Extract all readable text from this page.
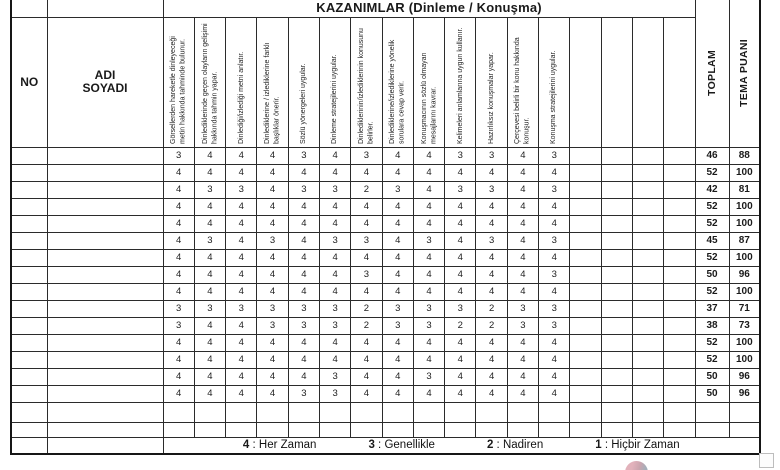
		KAZANIMLAR (Dinleme / Konuşma)																	TOPLAM	TEMA PUANI

NO	ADI
SOYADI	Görsellerden hareketle dinleyeceği metin hakkında tahminde bulunur.	Dinlediklerinde geçen olayların gelişimi hakkında tahmin yapar.	Dinlediği/izlediği metni anlatır.	Dinlediklerine / izlediklerine farklı başlıklar önerir.	Sözlü yönergeleri uygular.	Dinleme stratejilerini uygular.	Dinlediklerinin/izlediklerinin konusunu belirler.	Dinlediklerine/izlediklerine yönelik sorulara cevap verir.	Konuşmacının sözlü olmayan mesajlarını kavrar.	Kelimeleri anlamlarına uygun kullanır.	Hazırlıksız konuşmalar yapar.	Çerçevesi belirli bir konu hakkında konuşur.	Konuşma stratejilerini uygular.						

		3	4	4	4	3	4	3	4	4	3	3	4	3					46	88
		4	4	4	4	4	4	4	4	4	4	4	4	4					52	100
		4	3	3	4	3	3	2	3	4	3	3	4	3					42	81
		4	4	4	4	4	4	4	4	4	4	4	4	4					52	100
		4	4	4	4	4	4	4	4	4	4	4	4	4					52	100
		4	3	4	3	4	3	3	4	3	4	3	4	3					45	87
		4	4	4	4	4	4	4	4	4	4	4	4	4					52	100
		4	4	4	4	4	4	3	4	4	4	4	4	3					50	96
		4	4	4	4	4	4	4	4	4	4	4	4	4					52	100
		3	3	3	3	3	3	2	3	3	3	2	3	3					37	71
		3	4	4	3	3	3	2	3	3	2	2	3	3					38	73
		4	4	4	4	4	4	4	4	4	4	4	4	4					52	100
		4	4	4	4	4	4	4	4	4	4	4	4	4					52	100
		4	4	4	4	4	3	4	4	3	4	4	4	4					50	96
		4	4	4	4	3	3	4	4	4	4	4	4	4					50	96

		4 : Her Zaman 3 : Genellikle 2 : Nadiren 1 : Hiçbir Zaman																		
